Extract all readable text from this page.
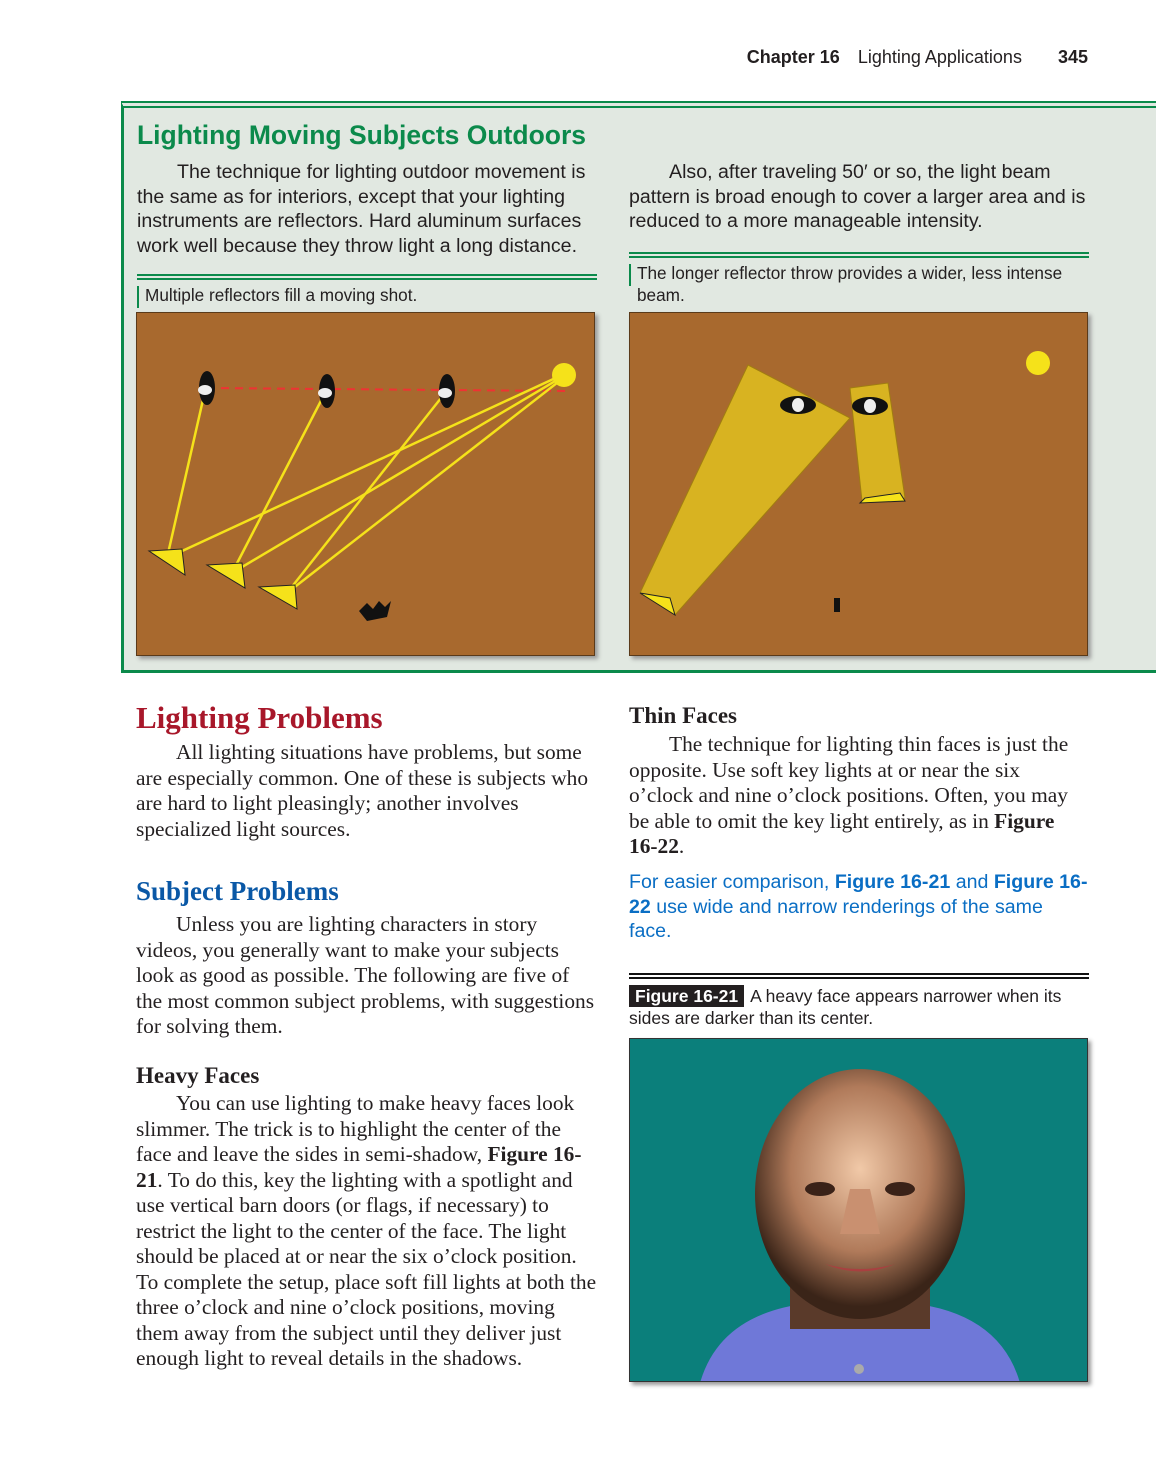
Chapter 16 Lighting Applications 345
Lighting Moving Subjects Outdoors

The technique for lighting outdoor movement is the same as for interiors, except that your lighting instruments are reflectors. Hard aluminum surfaces work well because they throw light a long distance.

Also, after traveling 50′ or so, the light beam pattern is broad enough to cover a larger area and is reduced to a more manageable intensity.

Multiple reflectors fill a moving shot.
The longer reflector throw provides a wider, less intense beam.
Lighting Problems

All lighting situations have problems, but some are especially common. One of these is subjects who are hard to light pleasingly; another involves specialized light sources.

Subject Problems

Unless you are lighting characters in story videos, you generally want to make your subjects look as good as possible. The following are five of the most common subject problems, with suggestions for solving them.

Heavy Faces

You can use lighting to make heavy faces look slimmer. The trick is to highlight the center of the face and leave the sides in semi-shadow, Figure 16-21. To do this, key the lighting with a spotlight and use vertical barn doors (or flags, if necessary) to restrict the light to the center of the face. The light should be placed at or near the six o’clock position. To complete the setup, place soft fill lights at both the three o’clock and nine o’clock positions, moving them away from the subject until they deliver just enough light to reveal details in the shadows.

Thin Faces

The technique for lighting thin faces is just the opposite. Use soft key lights at or near the six o’clock and nine o’clock positions. Often, you may be able to omit the key light entirely, as in Figure 16-22.

For easier comparison, Figure 16-21 and Figure 16-22 use wide and narrow renderings of the same face.

Figure 16-21 A heavy face appears narrower when its sides are darker than its center.
